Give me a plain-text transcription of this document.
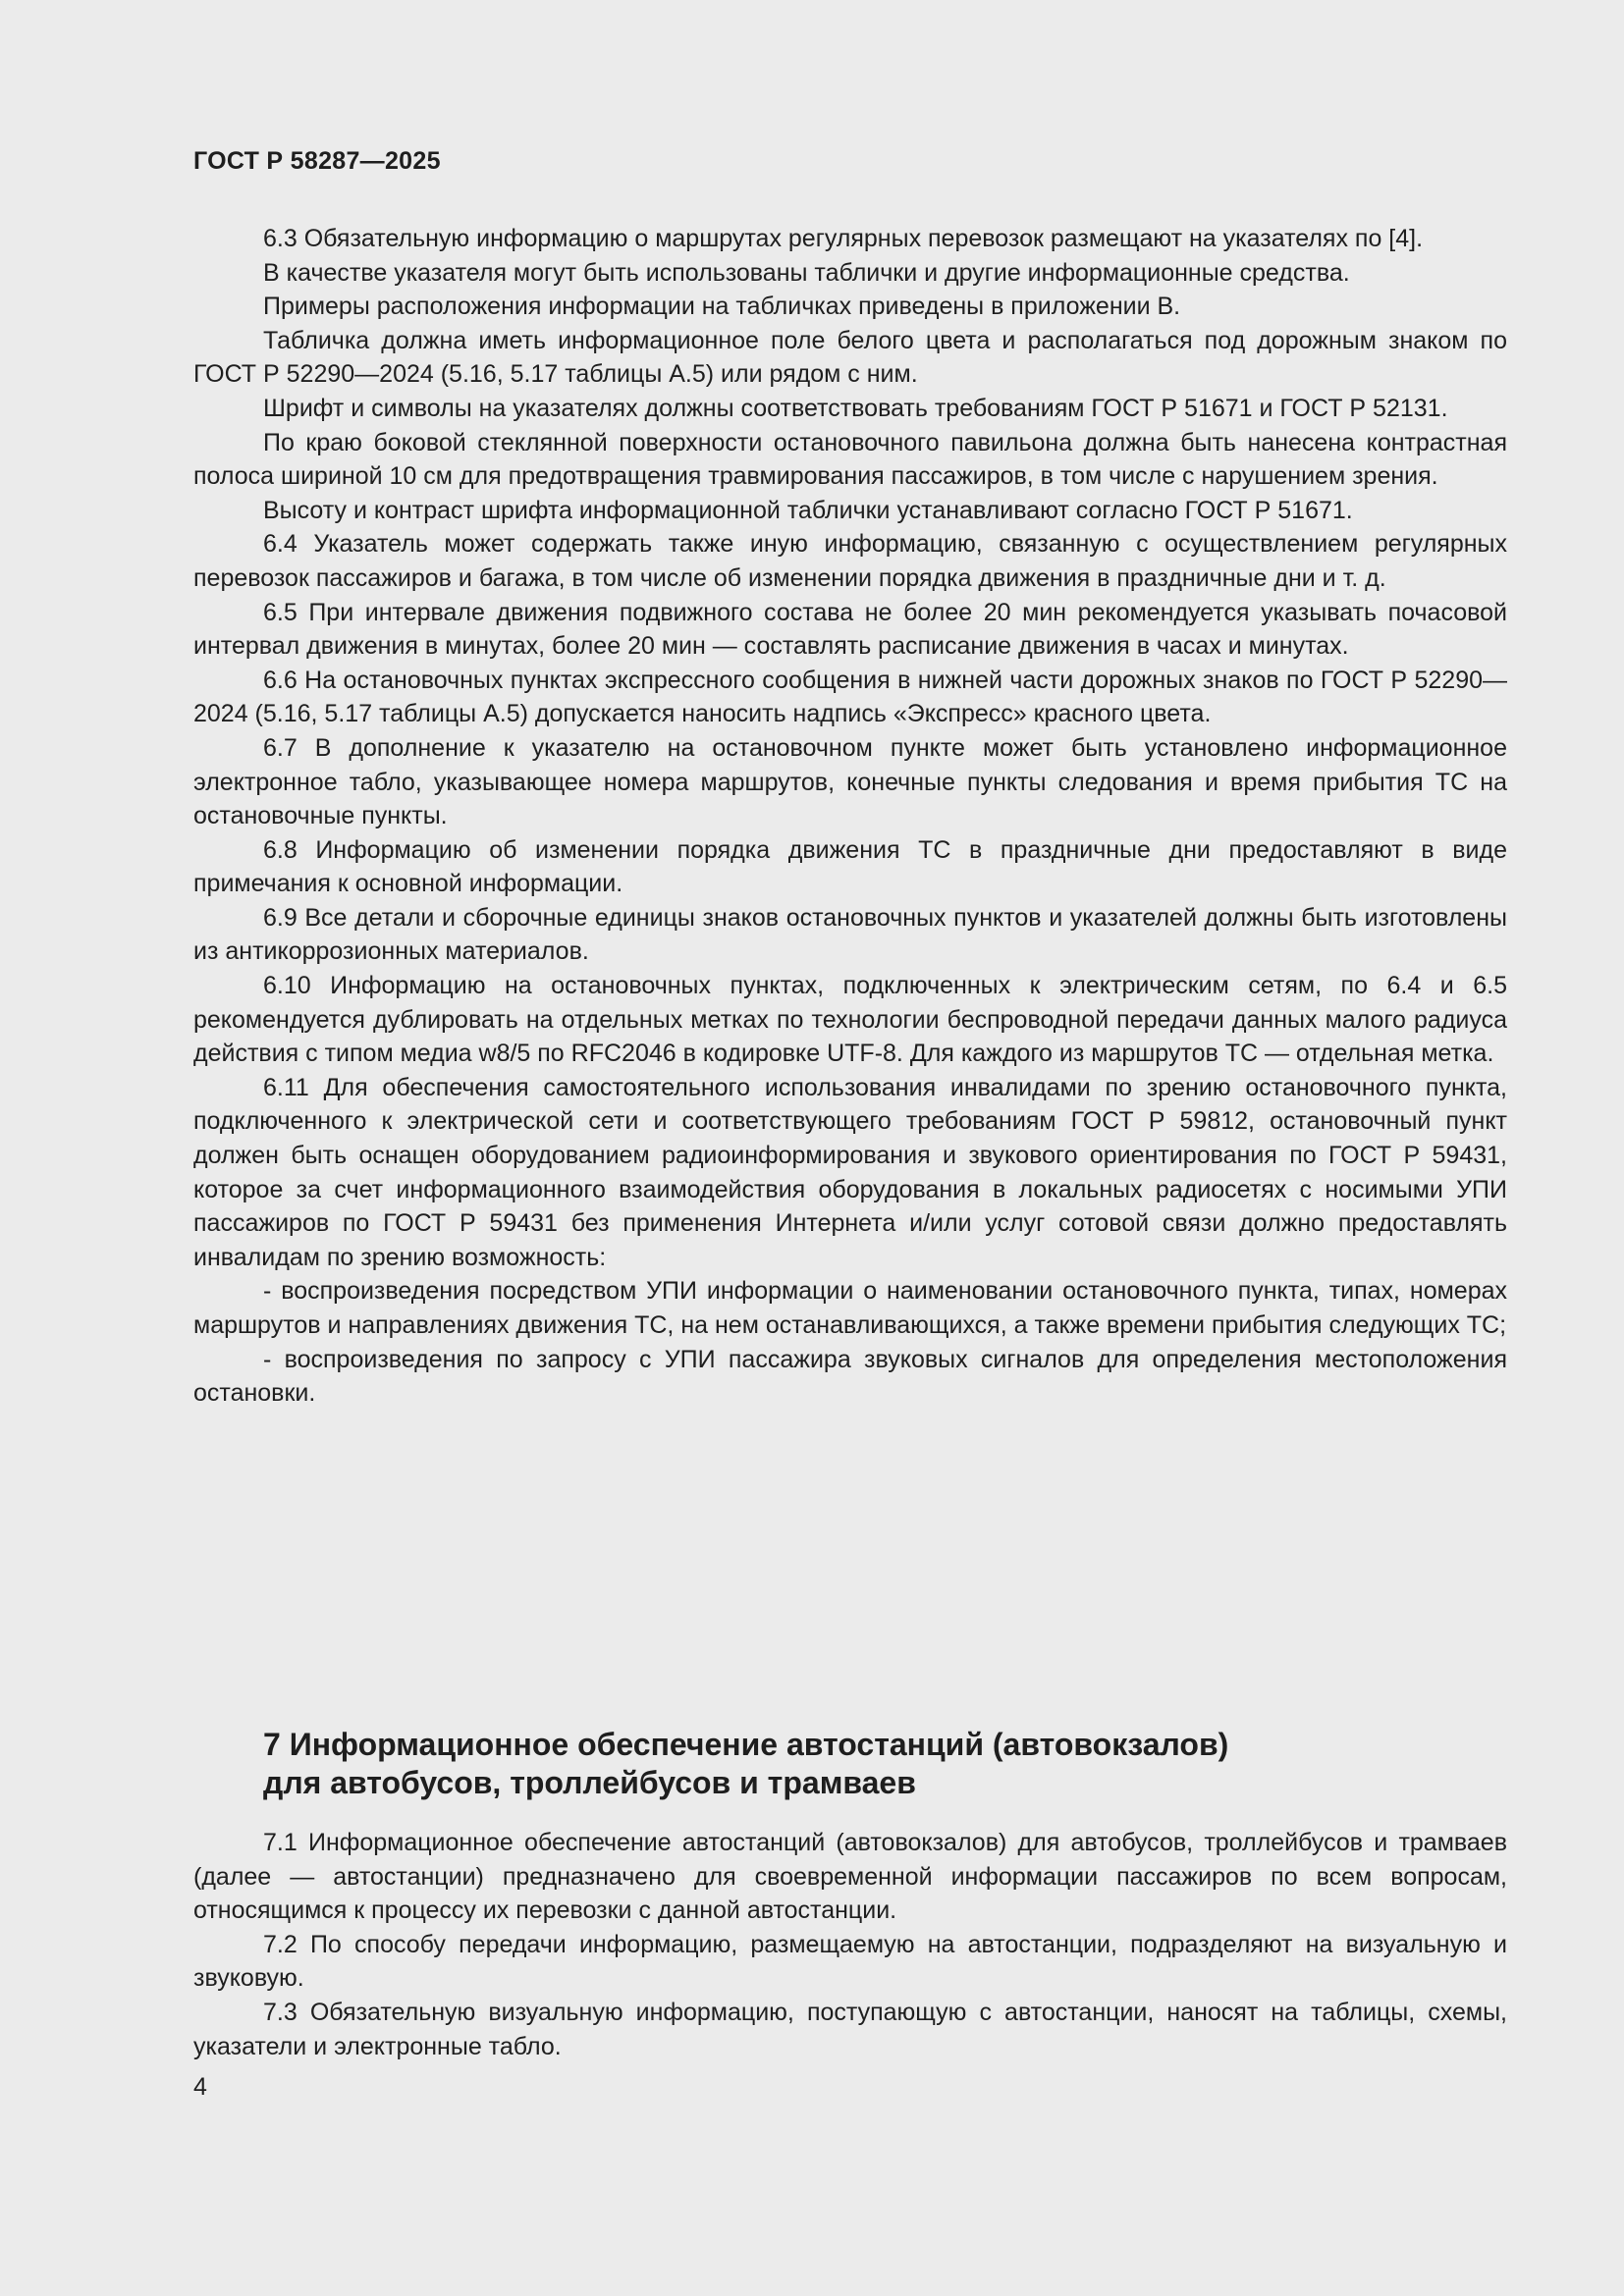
ГОСТ Р 58287—2025

6.3 Обязательную информацию о маршрутах регулярных перевозок размещают на указателях по [4].

В качестве указателя могут быть использованы таблички и другие информационные средства.

Примеры расположения информации на табличках приведены в приложении В.

Табличка должна иметь информационное поле белого цвета и располагаться под дорожным знаком по ГОСТ Р 52290—2024 (5.16, 5.17 таблицы А.5) или рядом с ним.

Шрифт и символы на указателях должны соответствовать требованиям ГОСТ Р 51671 и ГОСТ Р 52131.

По краю боковой стеклянной поверхности остановочного павильона должна быть нанесена контрастная полоса шириной 10 см для предотвращения травмирования пассажиров, в том числе с нарушением зрения.

Высоту и контраст шрифта информационной таблички устанавливают согласно ГОСТ Р 51671.

6.4 Указатель может содержать также иную информацию, связанную с осуществлением регулярных перевозок пассажиров и багажа, в том числе об изменении порядка движения в праздничные дни и т. д.

6.5 При интервале движения подвижного состава не более 20 мин рекомендуется указывать почасовой интервал движения в минутах, более 20 мин — составлять расписание движения в часах и минутах.

6.6 На остановочных пунктах экспрессного сообщения в нижней части дорожных знаков по ГОСТ Р 52290—2024 (5.16, 5.17 таблицы А.5) допускается наносить надпись «Экспресс» красного цвета.

6.7 В дополнение к указателю на остановочном пункте может быть установлено информационное электронное табло, указывающее номера маршрутов, конечные пункты следования и время прибытия ТС на остановочные пункты.

6.8 Информацию об изменении порядка движения ТС в праздничные дни предоставляют в виде примечания к основной информации.

6.9 Все детали и сборочные единицы знаков остановочных пунктов и указателей должны быть изготовлены из антикоррозионных материалов.

6.10 Информацию на остановочных пунктах, подключенных к электрическим сетям, по 6.4 и 6.5 рекомендуется дублировать на отдельных метках по технологии беспроводной передачи данных малого радиуса действия с типом медиа w8/5 по RFC2046 в кодировке UTF-8. Для каждого из маршрутов ТС — отдельная метка.

6.11 Для обеспечения самостоятельного использования инвалидами по зрению остановочного пункта, подключенного к электрической сети и соответствующего требованиям ГОСТ Р 59812, остановочный пункт должен быть оснащен оборудованием радиоинформирования и звукового ориентирования по ГОСТ Р 59431, которое за счет информационного взаимодействия оборудования в локальных радиосетях с носимыми УПИ пассажиров по ГОСТ Р 59431 без применения Интернета и/или услуг сотовой связи должно предоставлять инвалидам по зрению возможность:

- воспроизведения посредством УПИ информации о наименовании остановочного пункта, типах, номерах маршрутов и направлениях движения ТС, на нем останавливающихся, а также времени прибытия следующих ТС;

- воспроизведения по запросу с УПИ пассажира звуковых сигналов для определения местоположения остановки.

7 Информационное обеспечение автостанций (автовокзалов)
для автобусов, троллейбусов и трамваев

7.1 Информационное обеспечение автостанций (автовокзалов) для автобусов, троллейбусов и трамваев (далее — автостанции) предназначено для своевременной информации пассажиров по всем вопросам, относящимся к процессу их перевозки с данной автостанции.

7.2 По способу передачи информацию, размещаемую на автостанции, подразделяют на визуальную и звуковую.

7.3 Обязательную визуальную информацию, поступающую с автостанции, наносят на таблицы, схемы, указатели и электронные табло.

4
